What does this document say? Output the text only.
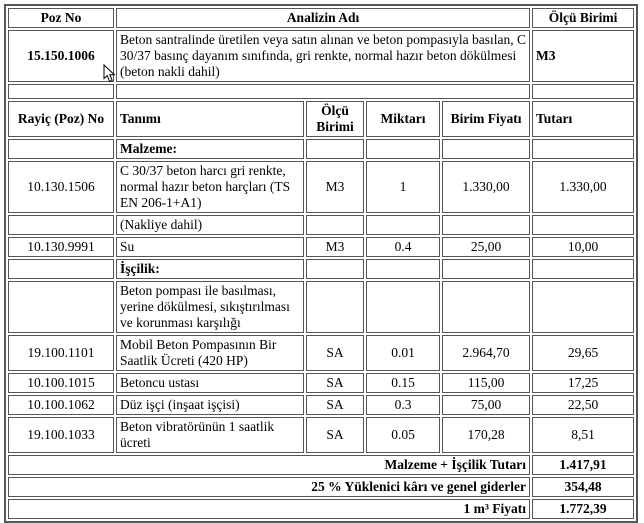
Poz No	Analizin Adı				Ölçü Birimi
15.150.1006	Beton santralinde üretilen veya satın alınan ve beton pompasıyla basılan, C 30/37 basınç dayanım sınıfında, gri renkte, normal hazır beton dökülmesi (beton nakli dahil)				M3

Rayiç (Poz) No	Tanımı	Ölçü Birimi	Miktarı	Birim Fiyatı	Tutarı
	Malzeme:				
10.130.1506	C 30/37 beton harcı gri renkte, normal hazır beton harçları (TS EN 206-1+A1)	M3	1	1.330,00	1.330,00
	(Nakliye dahil)				
10.130.9991	Su	M3	0.4	25,00	10,00
	İşçilik:				
	Beton pompası ile basılması, yerine dökülmesi, sıkıştırılması ve korunması karşılığı				
19.100.1101	Mobil Beton Pompasının Bir Saatlik Ücreti (420 HP)	SA	0.01	2.964,70	29,65
10.100.1015	Betoncu ustası	SA	0.15	115,00	17,25
10.100.1062	Düz işçi (inşaat işçisi)	SA	0.3	75,00	22,50
19.100.1033	Beton vibratörünün 1 saatlik ücreti	SA	0.05	170,28	8,51
Malzeme + İşçilik Tutarı					1.417,91
25 % Yüklenici kârı ve genel giderler					354,48
1 m³ Fiyatı					1.772,39
